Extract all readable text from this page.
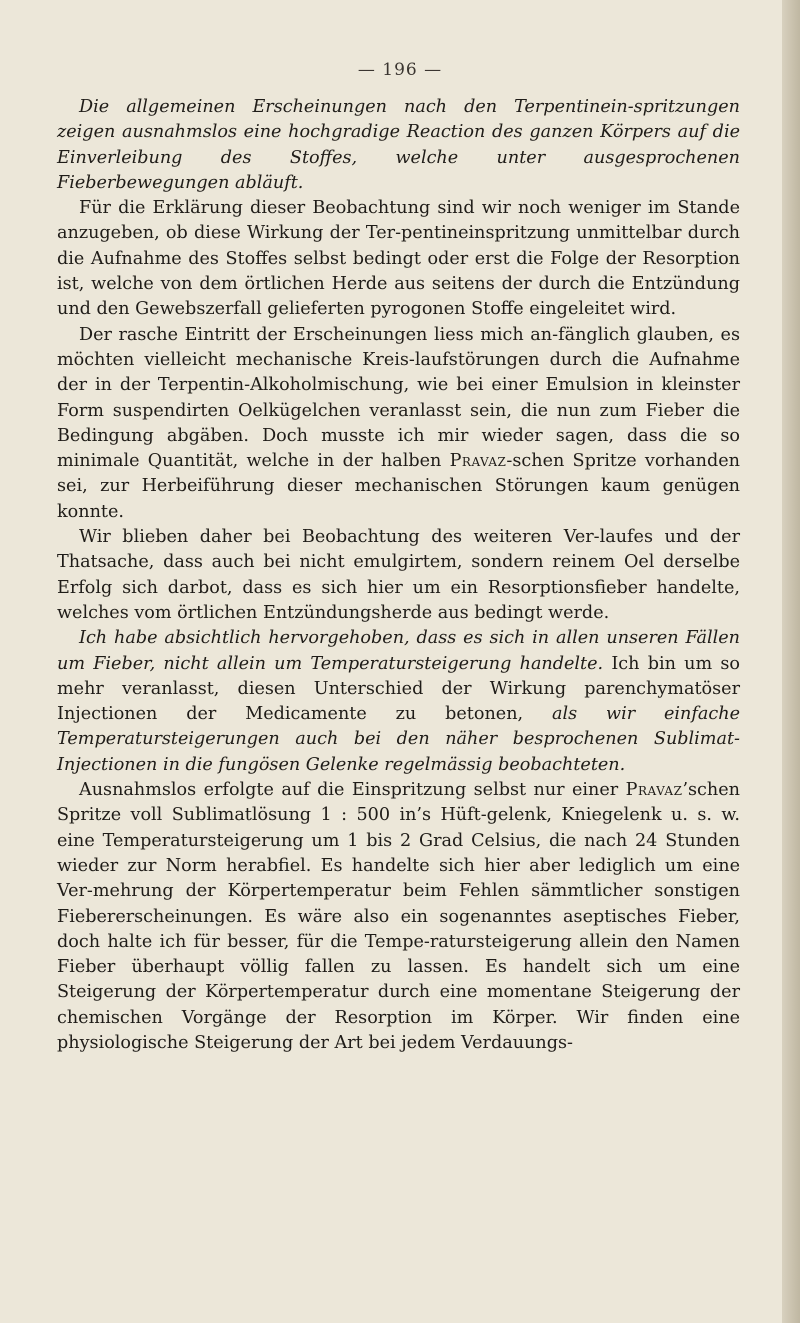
— 196 —

Die allgemeinen Erscheinungen nach den Terpentinein-spritzungen zeigen ausnahmslos eine hochgradige Reaction des ganzen Körpers auf die Einverleibung des Stoffes, welche unter ausgesprochenen Fieberbewegungen abläuft.

Für die Erklärung dieser Beobachtung sind wir noch weniger im Stande anzugeben, ob diese Wirkung der Ter-pentineinspritzung unmittelbar durch die Aufnahme des Stoffes selbst bedingt oder erst die Folge der Resorption ist, welche von dem örtlichen Herde aus seitens der durch die Entzündung und den Gewebszerfall gelieferten pyrogonen Stoffe eingeleitet wird.

Der rasche Eintritt der Erscheinungen liess mich an-fänglich glauben, es möchten vielleicht mechanische Kreis-laufstörungen durch die Aufnahme der in der Terpentin-Alkoholmischung, wie bei einer Emulsion in kleinster Form suspendirten Oelkügelchen veranlasst sein, die nun zum Fieber die Bedingung abgäben. Doch musste ich mir wieder sagen, dass die so minimale Quantität, welche in der halben Pravaz-schen Spritze vorhanden sei, zur Herbeiführung dieser mechanischen Störungen kaum genügen konnte.

Wir blieben daher bei Beobachtung des weiteren Ver-laufes und der Thatsache, dass auch bei nicht emulgirtem, sondern reinem Oel derselbe Erfolg sich darbot, dass es sich hier um ein Resorptionsfieber handelte, welches vom örtlichen Entzündungsherde aus bedingt werde.

Ich habe absichtlich hervorgehoben, dass es sich in allen unseren Fällen um Fieber, nicht allein um Temperatursteigerung handelte. Ich bin um so mehr veranlasst, diesen Unterschied der Wirkung parenchymatöser Injectionen der Medicamente zu betonen, als wir einfache Temperatursteigerungen auch bei den näher besprochenen Sublimat-Injectionen in die fungösen Gelenke regelmässig beobachteten.

Ausnahmslos erfolgte auf die Einspritzung selbst nur einer Pravaz’schen Spritze voll Sublimatlösung 1 : 500 in’s Hüft-gelenk, Kniegelenk u. s. w. eine Temperatursteigerung um 1 bis 2 Grad Celsius, die nach 24 Stunden wieder zur Norm herabfiel. Es handelte sich hier aber lediglich um eine Ver-mehrung der Körpertemperatur beim Fehlen sämmtlicher sonstigen Fiebererscheinungen. Es wäre also ein sogenanntes aseptisches Fieber, doch halte ich für besser, für die Tempe-ratursteigerung allein den Namen Fieber überhaupt völlig fallen zu lassen. Es handelt sich um eine Steigerung der Körpertemperatur durch eine momentane Steigerung der chemischen Vorgänge der Resorption im Körper. Wir finden eine physiologische Steigerung der Art bei jedem Verdauungs-
